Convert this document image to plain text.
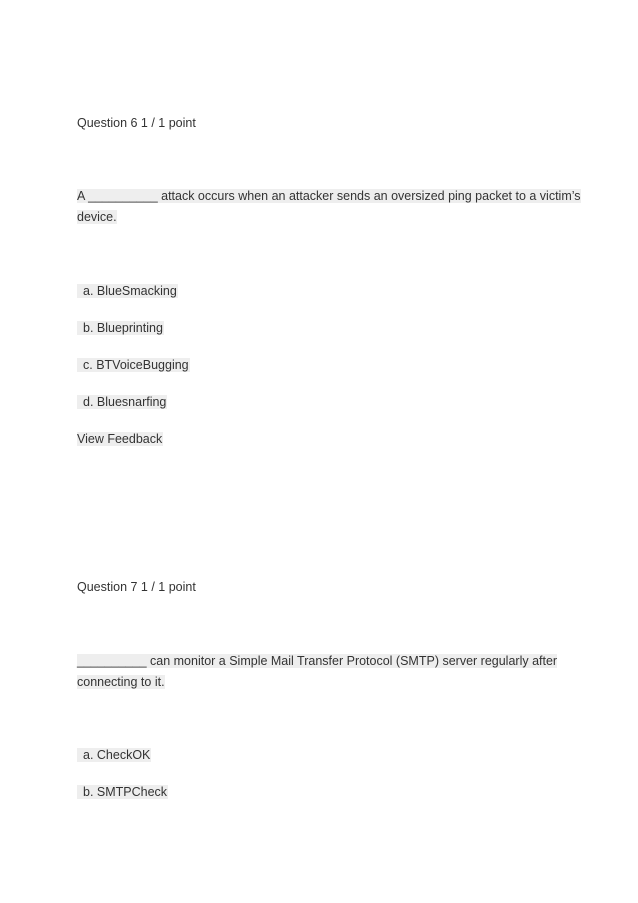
Question 6 1 / 1 point
A __________ attack occurs when an attacker sends an oversized ping packet to a victim’s
device.
a. BlueSmacking
b. Blueprinting
c. BTVoiceBugging
d. Bluesnarfing
View Feedback
Question 7 1 / 1 point
__________ can monitor a Simple Mail Transfer Protocol (SMTP) server regularly after
connecting to it.
a. CheckOK
b. SMTPCheck
